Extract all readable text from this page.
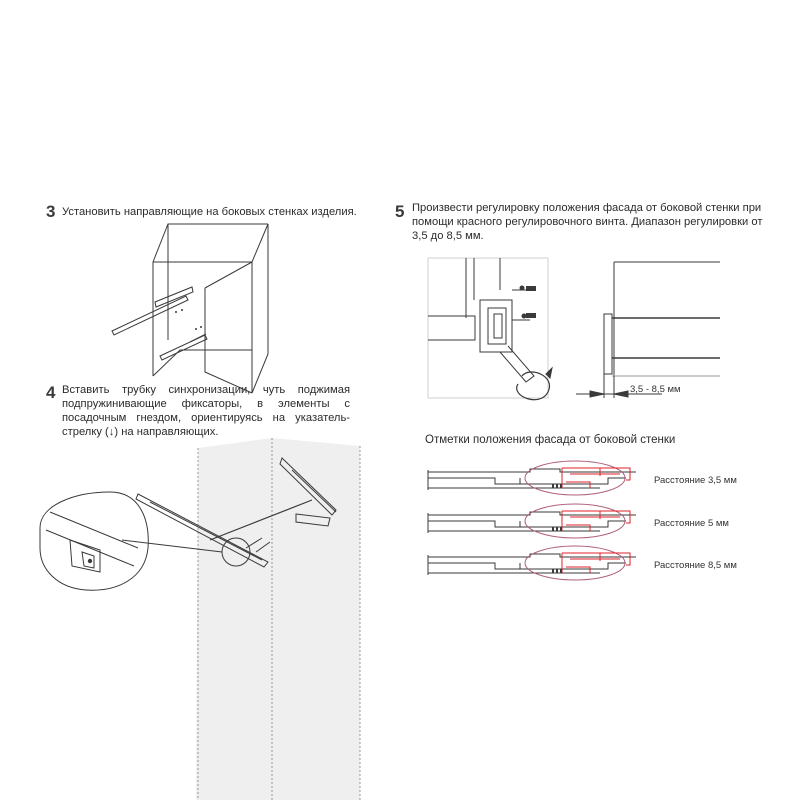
3 Установить направляющие на боковых стенках изделия.
4 Вставить трубку синхронизации, чуть поджимая
подпружинивающие фиксаторы, в элементы с
посадочным гнездом, ориентируясь на указатель-
стрелку (↓) на направляющих.
5 Произвести регулировку положения фасада от боковой стенки при
помощи красного регулировочного винта. Диапазон регулировки от
3,5 до 8,5 мм.
3,5 - 8,5 мм
Отметки положения фасада от боковой стенки
Расстояние 3,5 мм
Расстояние 5 мм
Расстояние 8,5 мм
